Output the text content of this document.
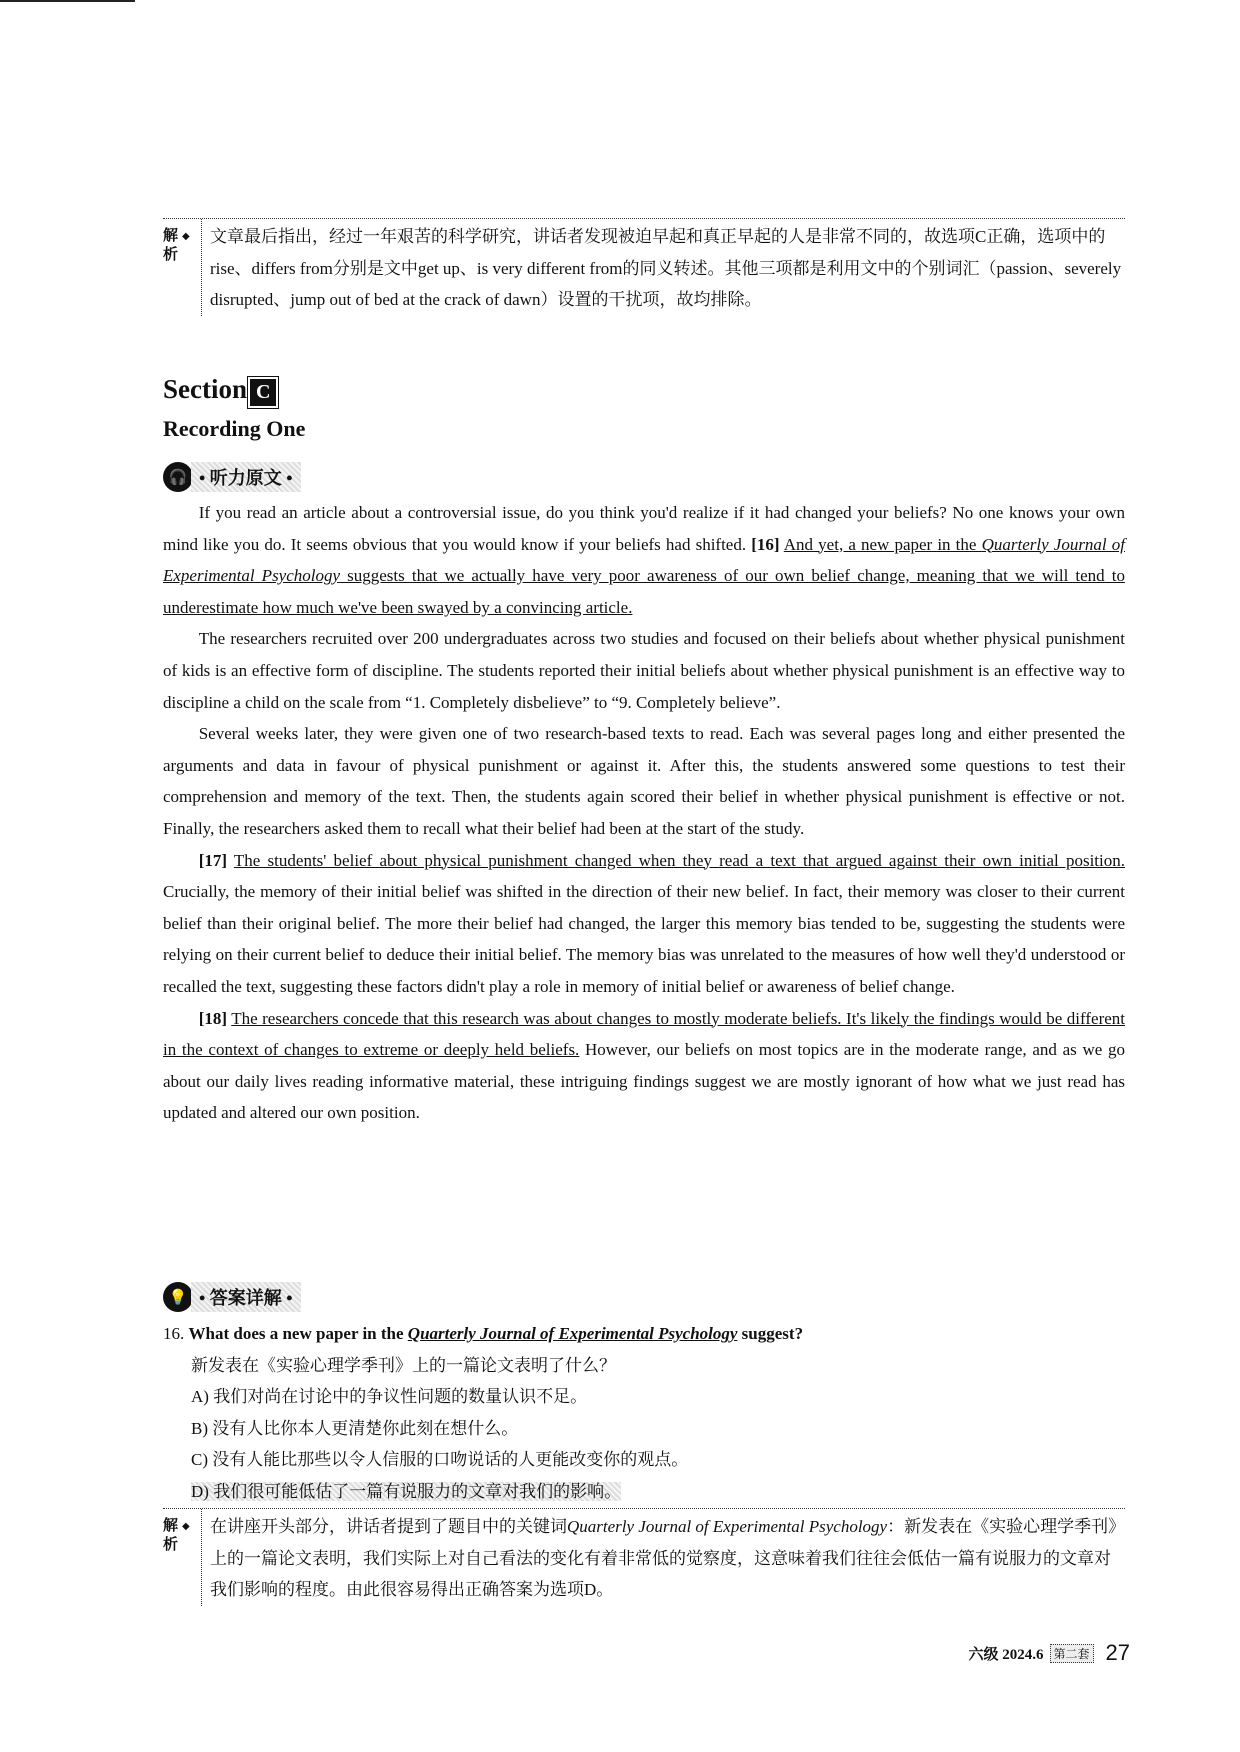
解析
◆	文章最后指出，经过一年艰苦的科学研究，讲话者发现被迫早起和真正早起的人是非常不同的，故选项C正确，选项中的rise、differs from分别是文中get up、is very different from的同义转述。其他三项都是利用文中的个别词汇（passion、severely disrupted、jump out of bed at the crack of dawn）设置的干扰项，故均排除。
Section C
Recording One
🎧 • 听力原文 •

If you read an article about a controversial issue, do you think you'd realize if it had changed your beliefs? No one knows your own mind like you do. It seems obvious that you would know if your beliefs had shifted. [16] And yet, a new paper in the Quarterly Journal of Experimental Psychology suggests that we actually have very poor awareness of our own belief change, meaning that we will tend to underestimate how much we've been swayed by a convincing article.

The researchers recruited over 200 undergraduates across two studies and focused on their beliefs about whether physical punishment of kids is an effective form of discipline. The students reported their initial beliefs about whether physical punishment is an effective way to discipline a child on the scale from “1. Completely disbelieve” to “9. Completely believe”.

Several weeks later, they were given one of two research-based texts to read. Each was several pages long and either presented the arguments and data in favour of physical punishment or against it. After this, the students answered some questions to test their comprehension and memory of the text. Then, the students again scored their belief in whether physical punishment is effective or not. Finally, the researchers asked them to recall what their belief had been at the start of the study.

[17] The students' belief about physical punishment changed when they read a text that argued against their own initial position. Crucially, the memory of their initial belief was shifted in the direction of their new belief. In fact, their memory was closer to their current belief than their original belief. The more their belief had changed, the larger this memory bias tended to be, suggesting the students were relying on their current belief to deduce their initial belief. The memory bias was unrelated to the measures of how well they'd understood or recalled the text, suggesting these factors didn't play a role in memory of initial belief or awareness of belief change.

[18] The researchers concede that this research was about changes to mostly moderate beliefs. It's likely the findings would be different in the context of changes to extreme or deeply held beliefs. However, our beliefs on most topics are in the moderate range, and as we go about our daily lives reading informative material, these intriguing findings suggest we are mostly ignorant of how what we just read has updated and altered our own position.

💡 • 答案详解 •
16. What does a new paper in the Quarterly Journal of Experimental Psychology suggest?
新发表在《实验心理学季刊》上的一篇论文表明了什么？
A) 我们对尚在讨论中的争议性问题的数量认识不足。
B) 没有人比你本人更清楚你此刻在想什么。
C) 没有人能比那些以令人信服的口吻说话的人更能改变你的观点。
D) 我们很可能低估了一篇有说服力的文章对我们的影响。
解析
◆	在讲座开头部分，讲话者提到了题目中的关键词Quarterly Journal of Experimental Psychology：新发表在《实验心理学季刊》上的一篇论文表明，我们实际上对自己看法的变化有着非常低的觉察度，这意味着我们往往会低估一篇有说服力的文章对我们影响的程度。由此很容易得出正确答案为选项D。
六级 2024.6 第二套 27
